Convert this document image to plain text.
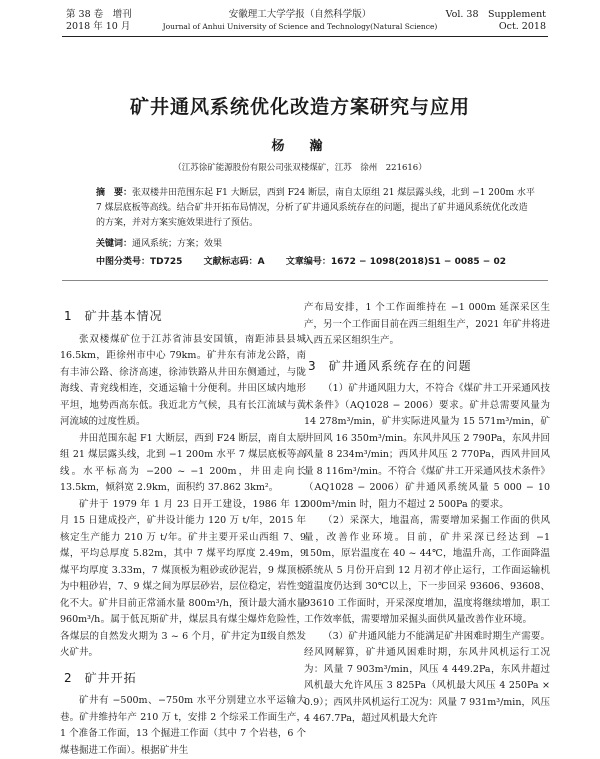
第 38 卷　增刊
2018 年 10 月
安徽理工大学学报（自然科学版）
Journal of Anhui University of Science and Technology(Natural Science)
Vol. 38　Supplement
Oct. 2018
矿井通风系统优化改造方案研究与应用
杨　瀚
（江苏徐矿能源股份有限公司张双楼煤矿，江苏　徐州　221616）
摘　要：张双楼井田范围东起 F1 大断层，西到 F24 断层，南自太原组 21 煤层露头线，北到 −1 200m 水平 7 煤层底板等高线。结合矿井开拓布局情况，分析了矿井通风系统存在的问题，提出了矿井通风系统优化改造的方案，并对方案实施效果进行了预估。
关键词：通风系统；方案；效果
中图分类号：TD725 文献标志码：A 文章编号：1672 − 1098(2018)S1 − 0085 − 02
1 矿井基本情况

张双楼煤矿位于江苏省沛县安国镇，南距沛县县城 16.5km，距徐州市中心 79km。矿井东有沛龙公路，南有丰沛公路、徐济高速，徐沛铁路从井田东侧通过，与陇海线、青兖线相连，交通运输十分便利。井田区域内地形平坦，地势西高东低。我近北方气候，具有长江流域与黄河流域的过度性质。

井田范围东起 F1 大断层，西到 F24 断层，南自太原组 21 煤层露头线，北到 −1 200m 水平 7 煤层底板等高线。水平标高为 −200 ~ −1 200m，井田走向长 13.5km，倾斜宽 2.9km，面积约 37.862 3km²。

矿井于 1979 年 1 月 23 日开工建设，1986 年 12 月 15 日建成投产，矿井设计能力 120 万 t/年，2015 年核定生产能力 210 万 t/年。矿井主要开采山西组 7、9 煤，平均总厚度 5.82m，其中 7 煤平均厚度 2.49m，9 煤平均厚度 3.33m，7 煤顶板为粗砂或砂泥岩，9 煤顶板为中粗砂岩，7、9 煤之间为厚层砂岩，层位稳定，岩性变化不大。矿井目前正常涌水量 800m³/h，预计最大涌水量 960m³/h。属于低瓦斯矿井，煤层具有煤尘爆炸危险性，各煤层的自然发火期为 3 ~ 6 个月，矿井定为Ⅱ级自然发火矿井。

2 矿井开拓

矿井有 −500m、−750m 水平分别建立水平运输大巷。矿井维持年产 210 万 t，安排 2 个综采工作面生产，1 个准备工作面，13 个掘进工作面（其中 7 个岩巷，6 个煤巷掘进工作面）。根据矿井生

产布局安排，1 个工作面维持在 −1 000m 延深采区生产，另一个工作面目前在西三组组生产，2021 年矿井将进入西五采区组织生产。

3 矿井通风系统存在的问题

（1）矿井通风阻力大，不符合《煤矿井工开采通风技术条件》（AQ1028 − 2006）要求。矿井总需要风量为 14 278m³/min，矿井实际进风量为 15 571m³/min，矿井回风 16 350m³/min。东风井风压 2 790Pa，东风井回风量 8 234m³/min；西风井风压 2 770Pa，西风井回风量 8 116m³/min。不符合《煤矿井工开采通风技术条件》（AQ1028 − 2006）矿井通风系统风量 5 000 − 10 000m³/min 时，阻力不超过 2 500Pa 的要求。

（2）采深大，地温高，需要增加采掘工作面的供风量，改善作业环境。目前，矿井采深已经达到 −1 150m，原岩温度在 40 ~ 44℃，地温升高，工作面降温系统从 5 月份开启到 12 月初才停止运行，工作面运输机道温度仍达到 30℃以上，下一步回采 93606、93608、93610 工作面时，开采深度增加，温度将继续增加，职工工作效率低，需要增加采掘头面供风量改善作业环境。

（3）矿井通风能力不能满足矿井困难时期生产需要。经风网解算，矿井通风困难时期，东风井风机运行工况为：风量 7 903m³/min，风压 4 449.2Pa，东风井超过风机最大允许风压 3 825Pa（风机最大风压 4 250Pa × 0.9）；西风井风机运行工况为：风量 7 931m³/min，风压 4 467.7Pa，超过风机最大允许
